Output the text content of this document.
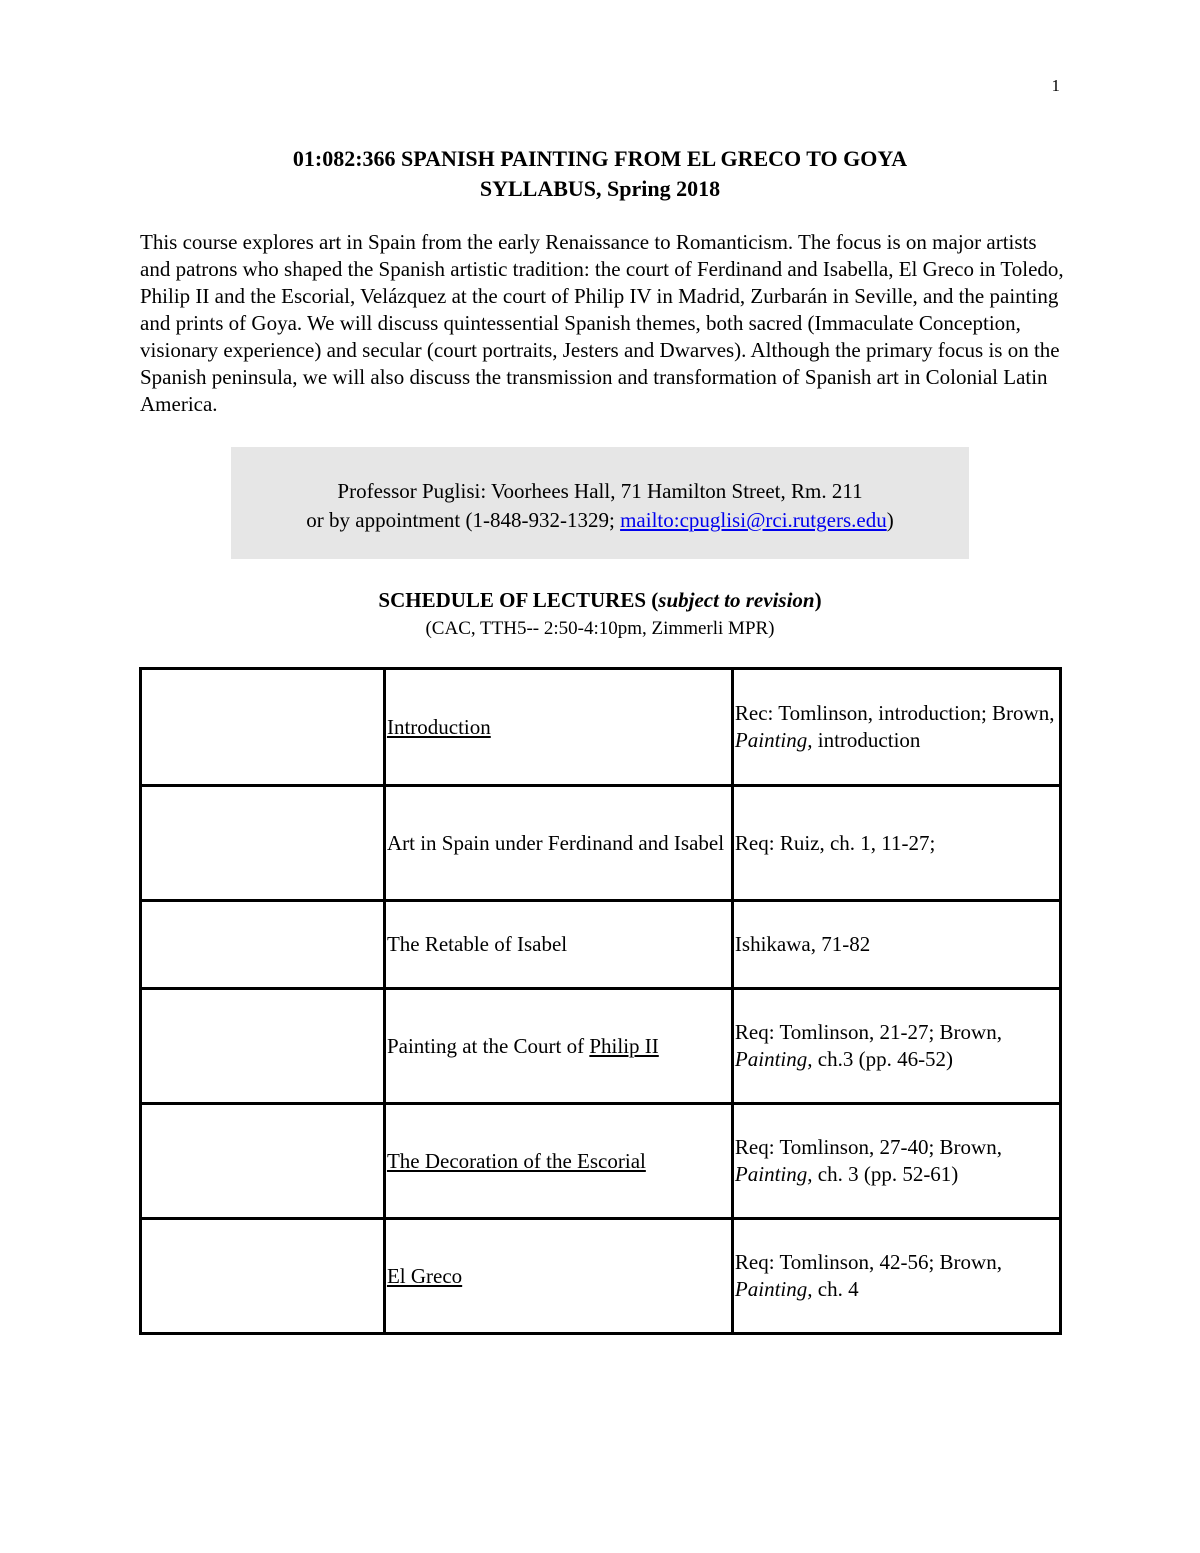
1
01:082:366 SPANISH PAINTING FROM EL GRECO TO GOYA
SYLLABUS, Spring 2018

This course explores art in Spain from the early Renaissance to Romanticism. The focus is on major artists and patrons who shaped the Spanish artistic tradition: the court of Ferdinand and Isabella, El Greco in Toledo, Philip II and the Escorial, Velázquez at the court of Philip IV in Madrid, Zurbarán in Seville, and the painting and prints of Goya. We will discuss quintessential Spanish themes, both sacred (Immaculate Conception, visionary experience) and secular (court portraits, Jesters and Dwarves). Although the primary focus is on the Spanish peninsula, we will also discuss the transmission and transformation of Spanish art in Colonial Latin America.

Professor Puglisi: Voorhees Hall, 71 Hamilton Street, Rm. 211
or by appointment (1-848-932-1329; mailto:cpuglisi@rci.rutgers.edu)
SCHEDULE OF LECTURES (subject to revision)
(CAC, TTH5-- 2:50-4:10pm, Zimmerli MPR)
	Introduction	Rec: Tomlinson, introduction; Brown, Painting, introduction
	Art in Spain under Ferdinand and Isabel	Req: Ruiz, ch. 1, 11-27;
	The Retable of Isabel	Ishikawa, 71-82
	Painting at the Court of Philip II	Req: Tomlinson, 21-27; Brown, Painting, ch.3 (pp. 46-52)
	The Decoration of the Escorial	Req: Tomlinson, 27-40; Brown, Painting, ch. 3 (pp. 52-61)
	El Greco	Req: Tomlinson, 42-56; Brown, Painting, ch. 4
